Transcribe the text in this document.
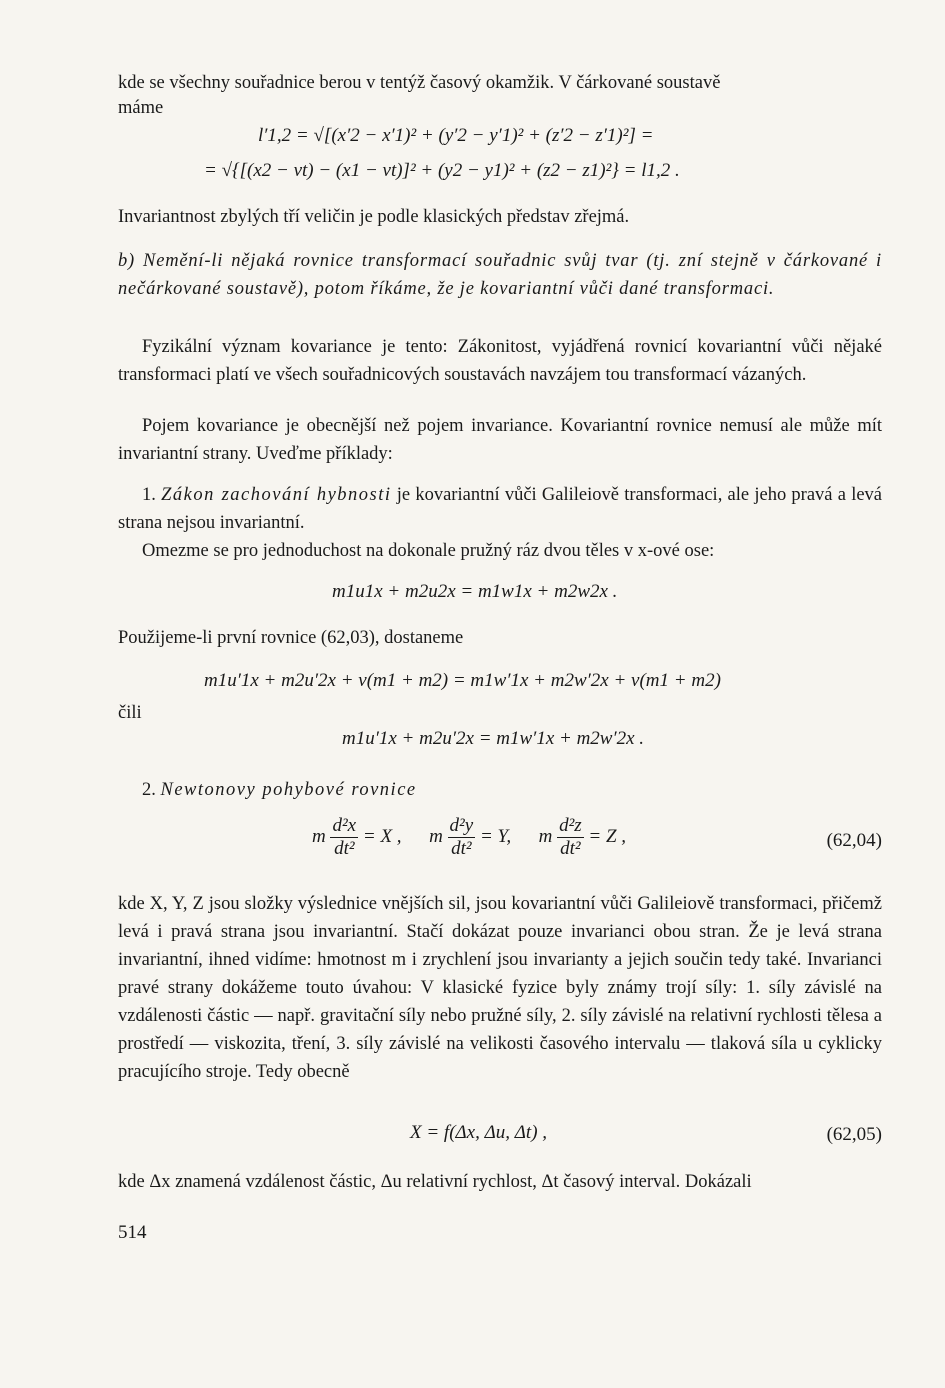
kde se všechny souřadnice berou v tentýž časový okamžik. V čárkované soustavě
máme
l′1,2 = √[(x′2 − x′1)² + (y′2 − y′1)² + (z′2 − z′1)²] =
= √{[(x2 − vt) − (x1 − vt)]² + (y2 − y1)² + (z2 − z1)²} = l1,2 .
Invariantnost zbylých tří veličin je podle klasických představ zřejmá.
b) Nemění-li nějaká rovnice transformací souřadnic svůj tvar (tj. zní stejně v čárkované i nečárkované soustavě), potom říkáme, že je kovariantní vůči dané transformaci.
Fyzikální význam kovariance je tento: Zákonitost, vyjádřená rovnicí kovariantní vůči nějaké transformaci platí ve všech souřadnicových soustavách navzájem tou transformací vázaných.
Pojem kovariance je obecnější než pojem invariance. Kovariantní rovnice nemusí ale může mít invariantní strany. Uveďme příklady:
1. Zákon zachování hybnosti je kovariantní vůči Galileiově transformaci, ale jeho pravá a levá strana nejsou invariantní.
Omezme se pro jednoduchost na dokonale pružný ráz dvou těles v x-ové ose:
m1u1x + m2u2x = m1w1x + m2w2x .
Použijeme-li první rovnice (62,03), dostaneme
m1u′1x + m2u′2x + v(m1 + m2) = m1w′1x + m2w′2x + v(m1 + m2)
čili
m1u′1x + m2u′2x = m1w′1x + m2w′2x .
2. Newtonovy pohybové rovnice
m $\frac{\text{d²x}}{\text{dt²}} = X$ , m $\frac{\text{d²y}}{\text{dt²}} = Y$, m $\frac{\text{d²z}}{\text{dt²}} = Z$ ,	(62,04)
kde X, Y, Z jsou složky výslednice vnějších sil, jsou kovariantní vůči Galileiově transformaci, přičemž levá i pravá strana jsou invariantní. Stačí dokázat pouze invarianci obou stran. Že je levá strana invariantní, ihned vidíme: hmotnost m i zrychlení jsou invarianty a jejich součin tedy také. Invarianci pravé strany dokážeme touto úvahou: V klasické fyzice byly známy trojí síly: 1. síly závislé na vzdálenosti částic — např. gravitační síly nebo pružné síly, 2. síly závislé na relativní rychlosti tělesa a prostředí — viskozita, tření, 3. síly závislé na velikosti časového intervalu — tlaková síla u cyklicky pracujícího stroje. Tedy obecně
X = f(Δx, Δu, Δt) ,	(62,05)
kde Δx znamená vzdálenost částic, Δu relativní rychlost, Δt časový interval. Dokázali
514
